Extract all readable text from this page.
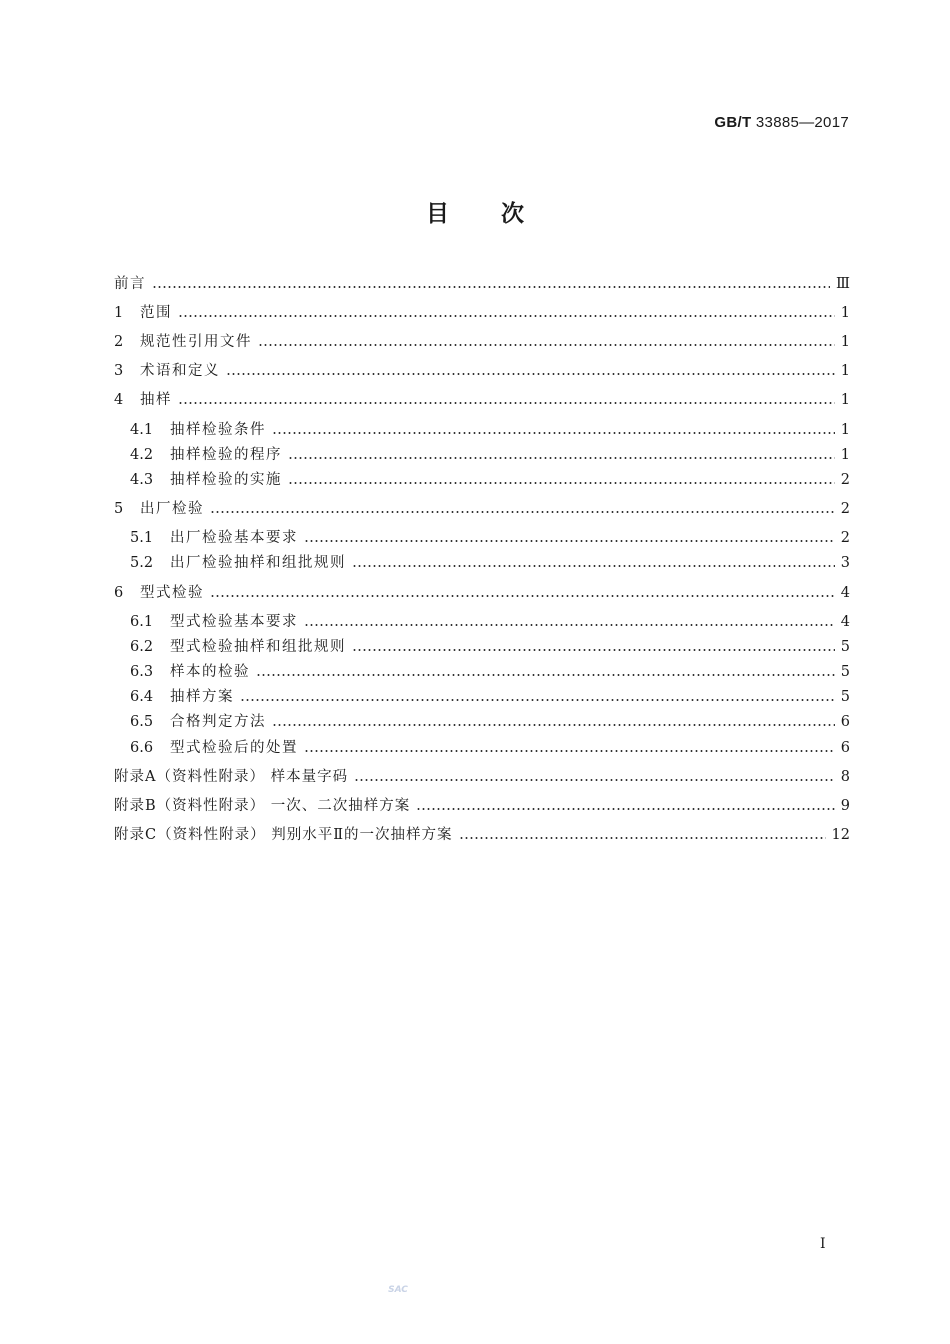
GB/T 33885—2017
目次
前言	Ⅲ
1	范围	1
2	规范性引用文件	1
3	术语和定义	1
4	抽样	1
4.1	抽样检验条件	1
4.2	抽样检验的程序	1
4.3	抽样检验的实施	2
5	出厂检验	2
5.1	出厂检验基本要求	2
5.2	出厂检验抽样和组批规则	3
6	型式检验	4
6.1	型式检验基本要求	4
6.2	型式检验抽样和组批规则	5
6.3	样本的检验	5
6.4	抽样方案	5
6.5	合格判定方法	6
6.6	型式检验后的处置	6
附录A（资料性附录） 样本量字码	8
附录B（资料性附录） 一次、二次抽样方案	9
附录C（资料性附录） 判别水平Ⅱ的一次抽样方案	12
Ⅰ
SAC
